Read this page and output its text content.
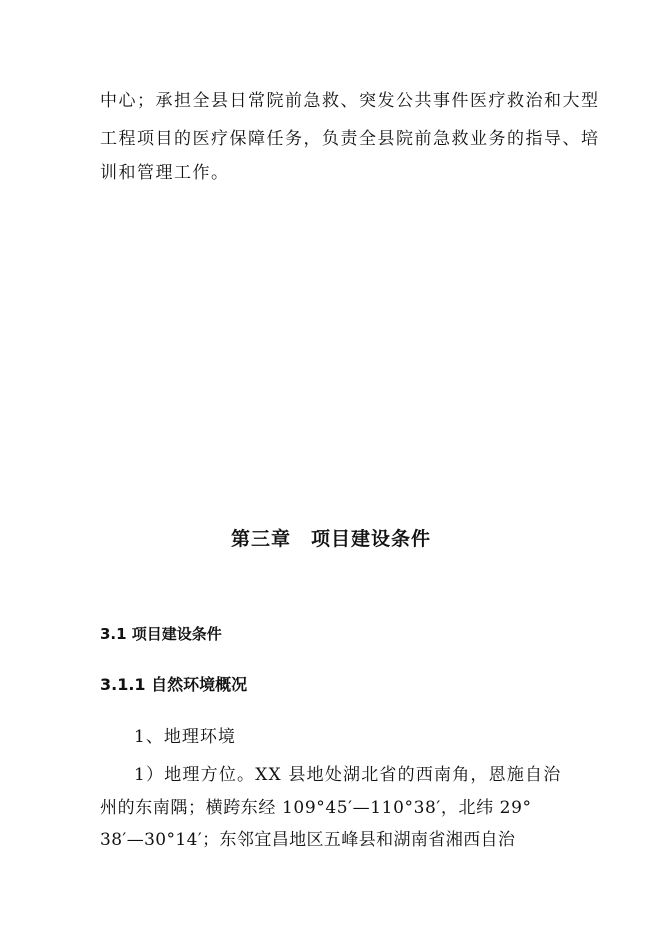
中心；承担全县日常院前急救、突发公共事件医疗救治和大型
工程项目的医疗保障任务，负责全县院前急救业务的指导、培
训和管理工作。
第三章　项目建设条件
3.1 项目建设条件
3.1.1 自然环境概况
1、地理环境
1）地理方位。XX 县地处湖北省的西南角，恩施自治
州的东南隅；横跨东经 109°45′—110°38′，北纬 29°
38′—30°14′；东邻宜昌地区五峰县和湖南省湘西自治
